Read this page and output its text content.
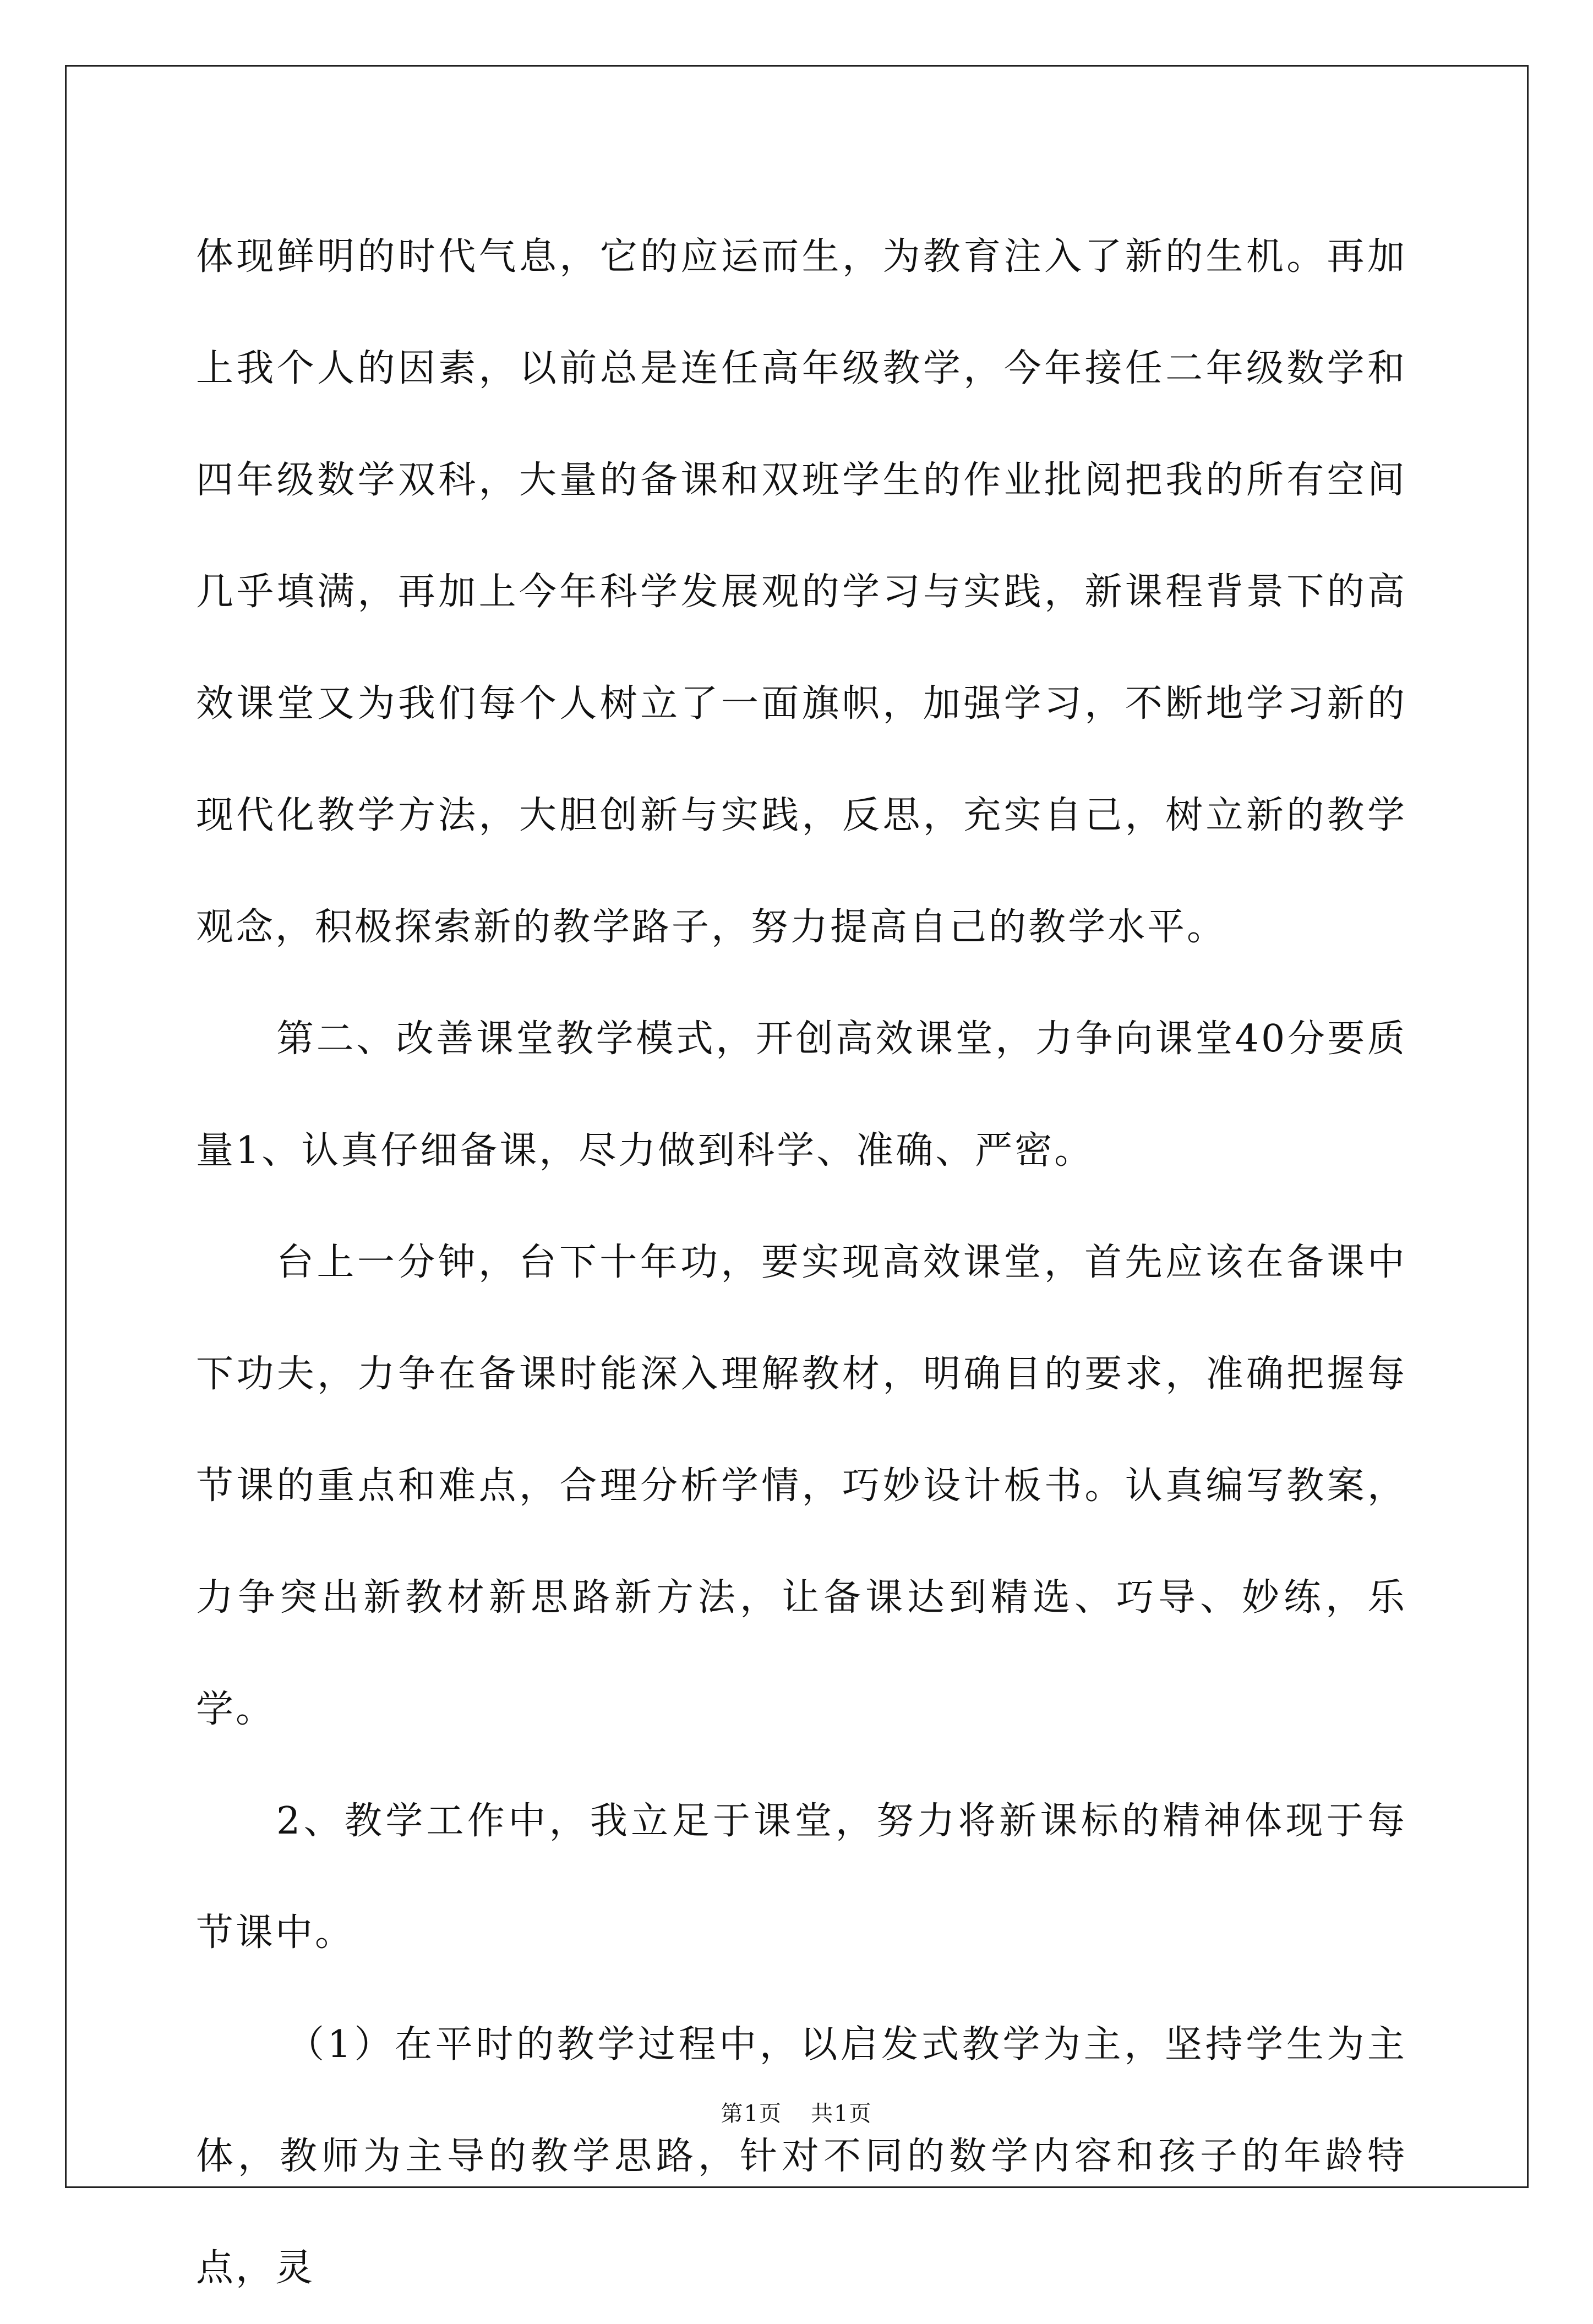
体现鲜明的时代气息，它的应运而生，为教育注入了新的生机。再加上我个人的因素，以前总是连任高年级教学，今年接任二年级数学和四年级数学双科，大量的备课和双班学生的作业批阅把我的所有空间几乎填满，再加上今年科学发展观的学习与实践，新课程背景下的高效课堂又为我们每个人树立了一面旗帜，加强学习，不断地学习新的现代化教学方法，大胆创新与实践，反思，充实自己，树立新的教学观念，积极探索新的教学路子，努力提高自己的教学水平。

第二、改善课堂教学模式，开创高效课堂，力争向课堂40分要质量1、认真仔细备课，尽力做到科学、准确、严密。

台上一分钟，台下十年功，要实现高效课堂，首先应该在备课中下功夫，力争在备课时能深入理解教材，明确目的要求，准确把握每节课的重点和难点，合理分析学情，巧妙设计板书。认真编写教案，力争突出新教材新思路新方法，让备课达到精选、巧导、妙练，乐学。

2、教学工作中，我立足于课堂，努力将新课标的精神体现于每节课中。

（1）在平时的教学过程中，以启发式教学为主，坚持学生为主体，教师为主导的教学思路，针对不同的数学内容和孩子的年龄特点，灵

第1页 共1页
